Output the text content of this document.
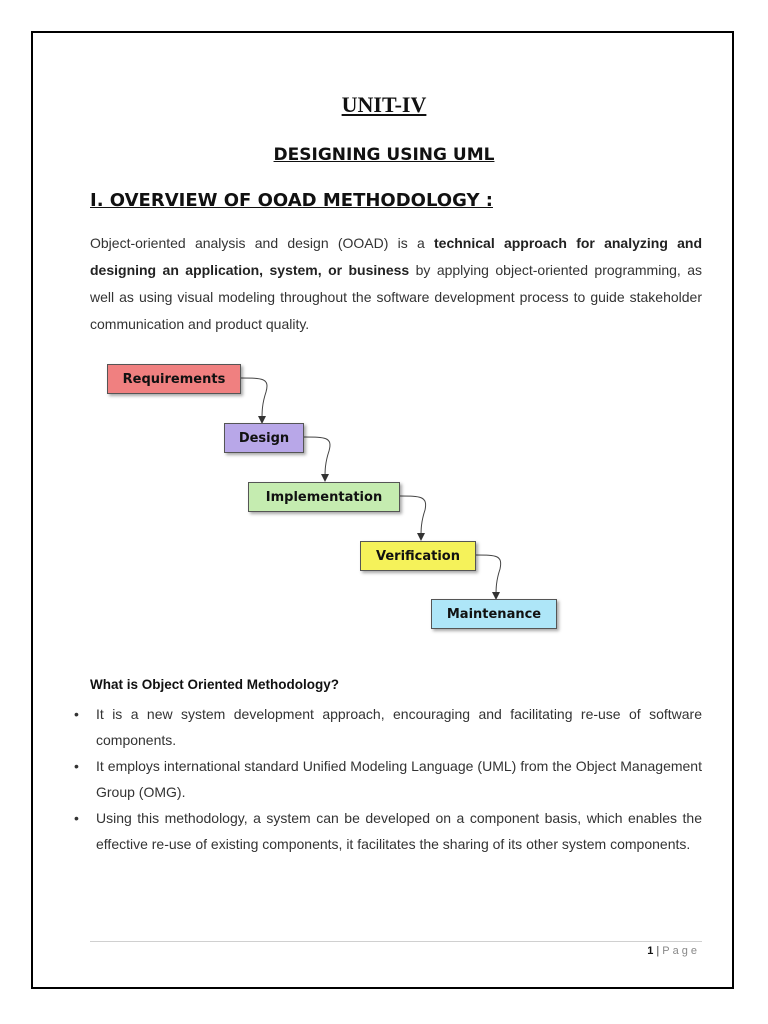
UNIT-IV
DESIGNING USING UML
I. OVERVIEW OF OOAD METHODOLOGY :

Object-oriented analysis and design (OOAD) is a technical approach for analyzing and designing an application, system, or business by applying object-oriented programming, as well as using visual modeling throughout the software development process to guide stakeholder communication and product quality.

Requirements
Design
Implementation
Verification
Maintenance
What is Object Oriented Methodology?
• It is a new system development approach, encouraging and facilitating re-use of software components.
• It employs international standard Unified Modeling Language (UML) from the Object Management Group (OMG).
• Using this methodology, a system can be developed on a component basis, which enables the effective re-use of existing components, it facilitates the sharing of its other system components.
1 | Page
